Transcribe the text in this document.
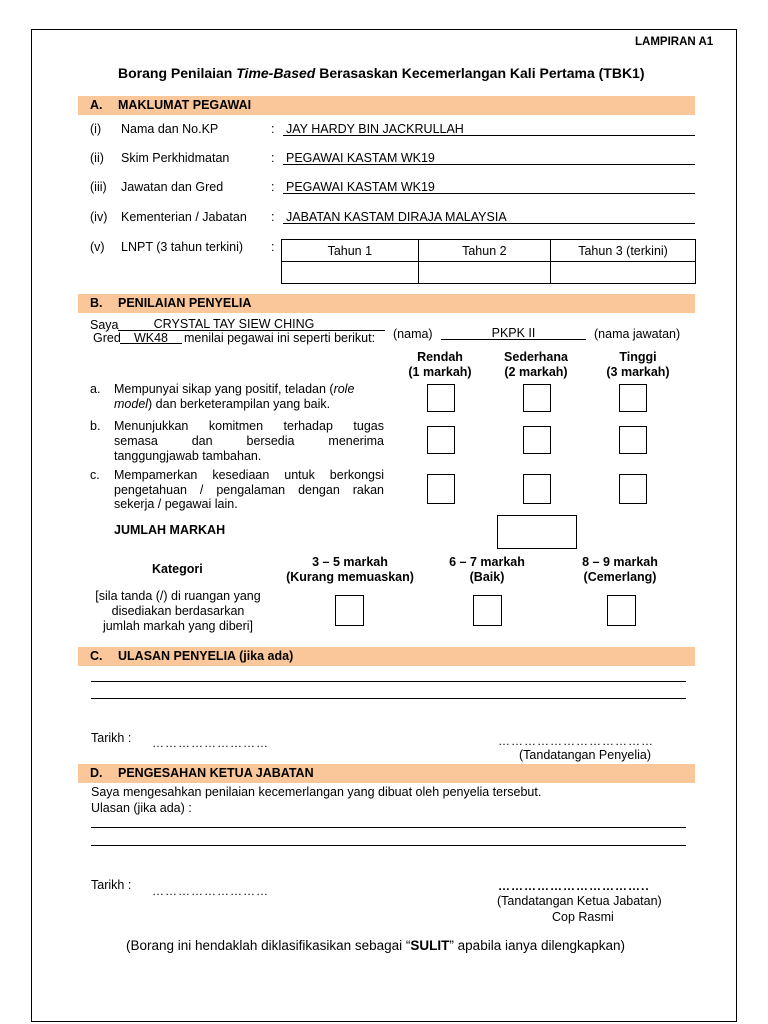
LAMPIRAN A1
Borang Penilaian Time-Based Berasaskan Kecemerlangan Kali Pertama (TBK1)
A. MAKLUMAT PEGAWAI
(i) Nama dan No.KP	: JAY HARDY BIN JACKRULLAH
(ii) Skim Perkhidmatan	: PEGAWAI KASTAM WK19
(iii) Jawatan dan Gred	: PEGAWAI KASTAM WK19
(iv) Kementerian / Jabatan : JABATAN KASTAM DIRAJA MALAYSIA
(v) LNPT (3 tahun terkini) :	Tahun 1	Tahun 2	Tahun 3 (terkini)

B. PENILAIAN PENYELIA
Saya	CRYSTAL TAY SIEW CHING
(nama)	PKPK II	(nama jawatan)
Gred	WK48	menilai pegawai ini seperti berikut:
Rendah
(1 markah)
Sederhana
(2 markah)
Tinggi
(3 markah)
a. Mempunyai sikap yang positif, teladan (role
model) dan berketerampilan yang baik.
b. Menunjukkan komitmen terhadap tugas
semasa dan bersedia menerima
tanggungjawab tambahan.
c. Mempamerkan kesediaan untuk berkongsi
pengetahuan / pengalaman dengan rakan
sekerja / pegawai lain.
JUMLAH MARKAH
Kategori
[sila tanda (/) di ruangan yang
disediakan berdasarkan
jumlah markah yang diberi]
3 – 5 markah
(Kurang memuaskan)
6 – 7 markah
(Baik)
8 – 9 markah
(Cemerlang)
C. ULASAN PENYELIA (jika ada)
Tarikh : ………………………	………………………………
(Tandatangan Penyelia)
D. PENGESAHAN KETUA JABATAN
Saya mengesahkan penilaian kecemerlangan yang dibuat oleh penyelia tersebut.
Ulasan (jika ada) :
Tarikh : ………………………	……………………………..
(Tandatangan Ketua Jabatan)
Cop Rasmi
(Borang ini hendaklah diklasifikasikan sebagai “SULIT” apabila ianya dilengkapkan)
